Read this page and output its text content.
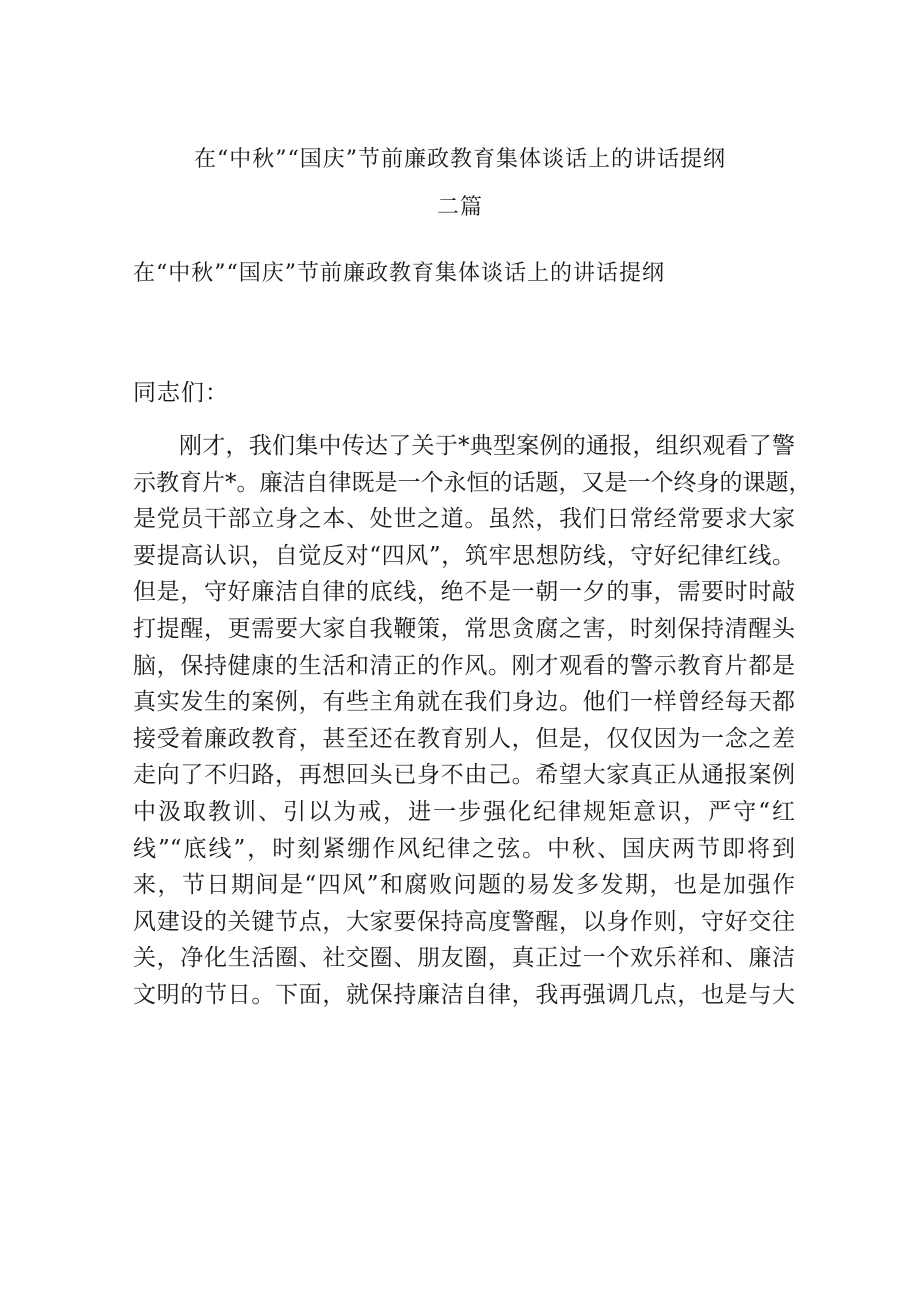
在“中秋”“国庆”节前廉政教育集体谈话上的讲话提纲
二篇
在“中秋”“国庆”节前廉政教育集体谈话上的讲话提纲
同志们：

刚才，我们集中传达了关于*典型案例的通报，组织观看了警

示教育片*。廉洁自律既是一个永恒的话题，又是一个终身的课题，

是党员干部立身之本、处世之道。虽然，我们日常经常要求大家

要提高认识，自觉反对“四风”，筑牢思想防线，守好纪律红线。

但是，守好廉洁自律的底线，绝不是一朝一夕的事，需要时时敲

打提醒，更需要大家自我鞭策，常思贪腐之害，时刻保持清醒头

脑，保持健康的生活和清正的作风。刚才观看的警示教育片都是

真实发生的案例，有些主角就在我们身边。他们一样曾经每天都

接受着廉政教育，甚至还在教育别人，但是，仅仅因为一念之差

走向了不归路，再想回头已身不由己。希望大家真正从通报案例

中汲取教训、引以为戒，进一步强化纪律规矩意识，严守“红

线”“底线”，时刻紧绷作风纪律之弦。中秋、国庆两节即将到

来，节日期间是“四风”和腐败问题的易发多发期，也是加强作

风建设的关键节点，大家要保持高度警醒，以身作则，守好交往

关，净化生活圈、社交圈、朋友圈，真正过一个欢乐祥和、廉洁

文明的节日。下面，就保持廉洁自律，我再强调几点，也是与大
